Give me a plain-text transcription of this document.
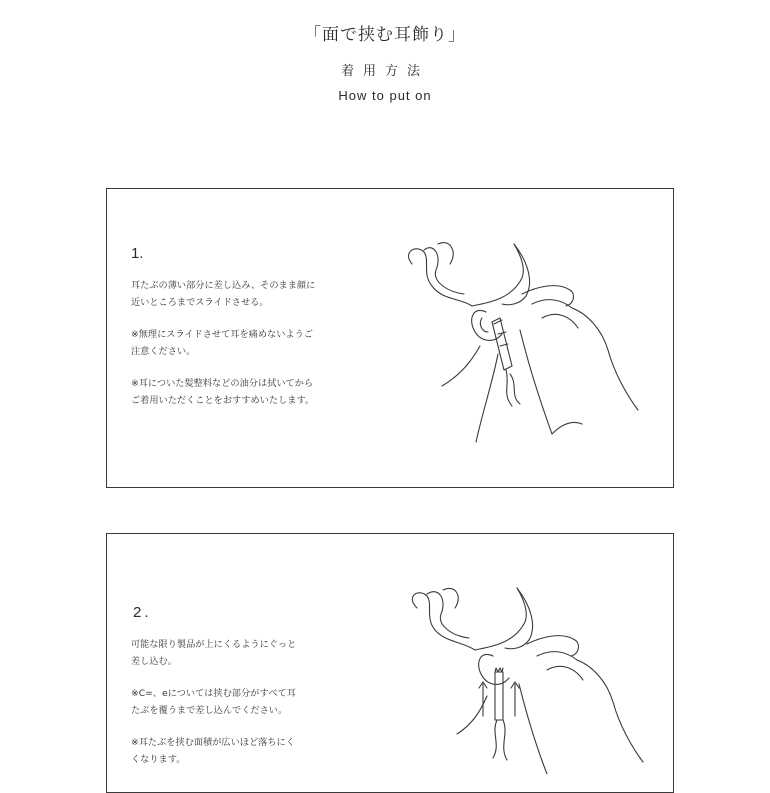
「面で挟む耳飾り」
着用方法
How to put on
1.

耳たぶの薄い部分に差し込み、そのまま顔に
近いところまでスライドさせる。

※無理にスライドさせて耳を痛めないようご
注意ください。

※耳についた髪整料などの油分は拭いてから
ご着用いただくことをおすすめいたします。

2.

可能な限り製品が上にくるようにぐっと
差し込む。

※C=、eについては挟む部分がすべて耳
たぶを覆うまで差し込んでください。

※耳たぶを挟む面積が広いほど落ちにく
くなります。
